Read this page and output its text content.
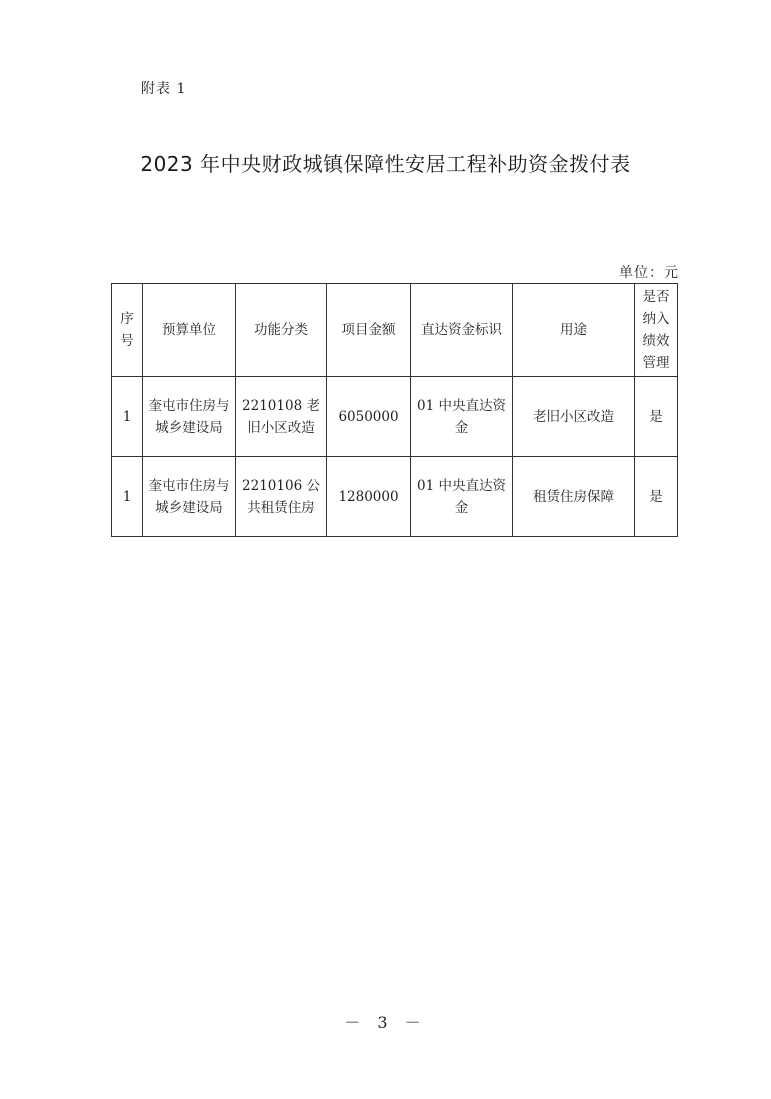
附表 1
2023 年中央财政城镇保障性安居工程补助资金拨付表
单位：元
序号	预算单位	功能分类	项目金额	直达资金标识	用途	是否纳入绩效管理
1	奎屯市住房与城乡建设局	2210108 老旧小区改造	6050000	01 中央直达资金	老旧小区改造	是
1	奎屯市住房与城乡建设局	2210106 公共租赁住房	1280000	01 中央直达资金	租赁住房保障	是
－ 3 －
